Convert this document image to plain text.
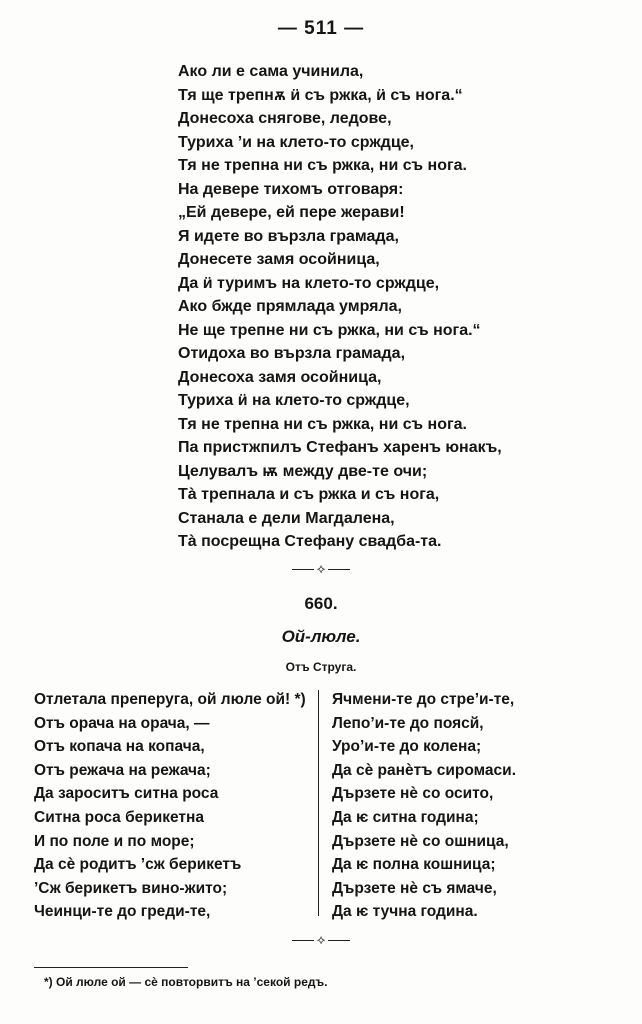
— 511 —
Ако ли е сама учинила,
Тя ще трепнѫ ӥ съ ржка, ӥ съ нога.“
Донесоха снягове, ледове,
Туриха ’и на клето-то срждце,
Тя не трепна ни съ ржка, ни съ нога.
На девере тихомъ отговаря:
„Ей девере, ей пере жерави!
Я идете во вързла грамада,
Донесете замя осойница,
Да ӥ туримъ на клето-то срждце,
Ако бжде прямлада умряла,
Не ще трепне ни съ ржка, ни съ нога.“
Отидоха во вързла грамада,
Донесоха замя осойница,
Туриха ӥ на клето-то срждце,
Тя не трепна ни съ ржка, ни съ нога.
Па пристжпилъ Стефанъ харенъ юнакъ,
Целувалъ ѭ между две-те очи;
Тà трепнала и съ ржка и съ нога,
Станала е дели Магдалена,
Тà посрещна Стефану свадба-та.
⟡
660.
Ой-люле.
Отъ Струга.
Отлетала преперуга, ой люле ой! *)
Отъ орача на орача, —
Отъ копача на копача,
Отъ режача на режача;
Да зароситъ ситна роса
Ситна роса берикетна
И по поле и по море;
Да сѐ родитъ ’сж берикетъ
’Сж берикетъ вино-жито;
Чеинци-те до греди-те,
Ячмени-те до стре’и-те,
Лепо’и-те до поясй,
Уро’и-те до колена;
Да сѐ ранѐтъ сиромаси.
Дързете нѐ со осито,
Да ѥ ситна година;
Дързете нѐ со ошница,
Да ѥ полна кошница;
Дързете нѐ съ ямаче,
Да ѥ тучна година.
⟡
*) Ой люле ой — сѐ повторвитъ на ’секой редъ.
